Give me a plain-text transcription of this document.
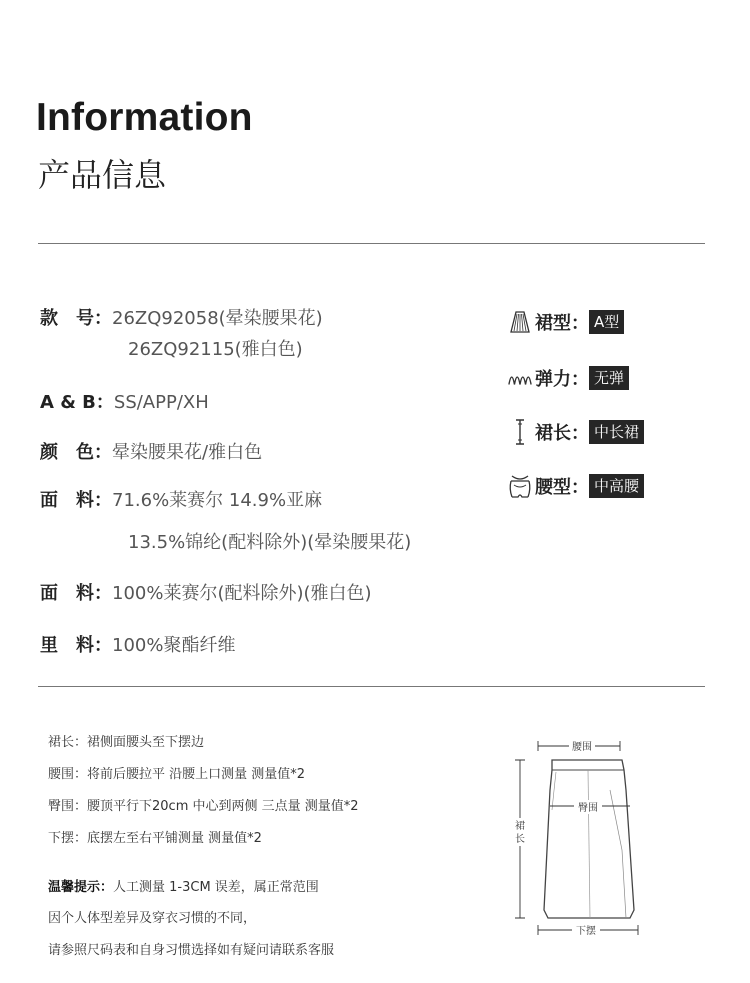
Information
产品信息
款　号：26ZQ92058(晕染腰果花)
26ZQ92115(雅白色)
A & B：SS/APP/XH
颜　色：晕染腰果花/雅白色
面　料：71.6%莱赛尔 14.9%亚麻
13.5%锦纶(配料除外)(晕染腰果花)
面　料：100%莱赛尔(配料除外)(雅白色)
里　料：100%聚酯纤维
裙型： A型
弹力： 无弹
裙长： 中长裙
腰型： 中高腰
裙长：裙侧面腰头至下摆边
腰围：将前后腰拉平 沿腰上口测量 测量值*2
臀围：腰顶平行下20cm 中心到两侧 三点量 测量值*2
下摆：底摆左至右平铺测量 测量值*2
温馨提示：人工测量 1-3CM 误差，属正常范围
因个人体型差异及穿衣习惯的不同，
请参照尺码表和自身习惯选择如有疑问请联系客服
腰围
臀围
裙
长
下摆
